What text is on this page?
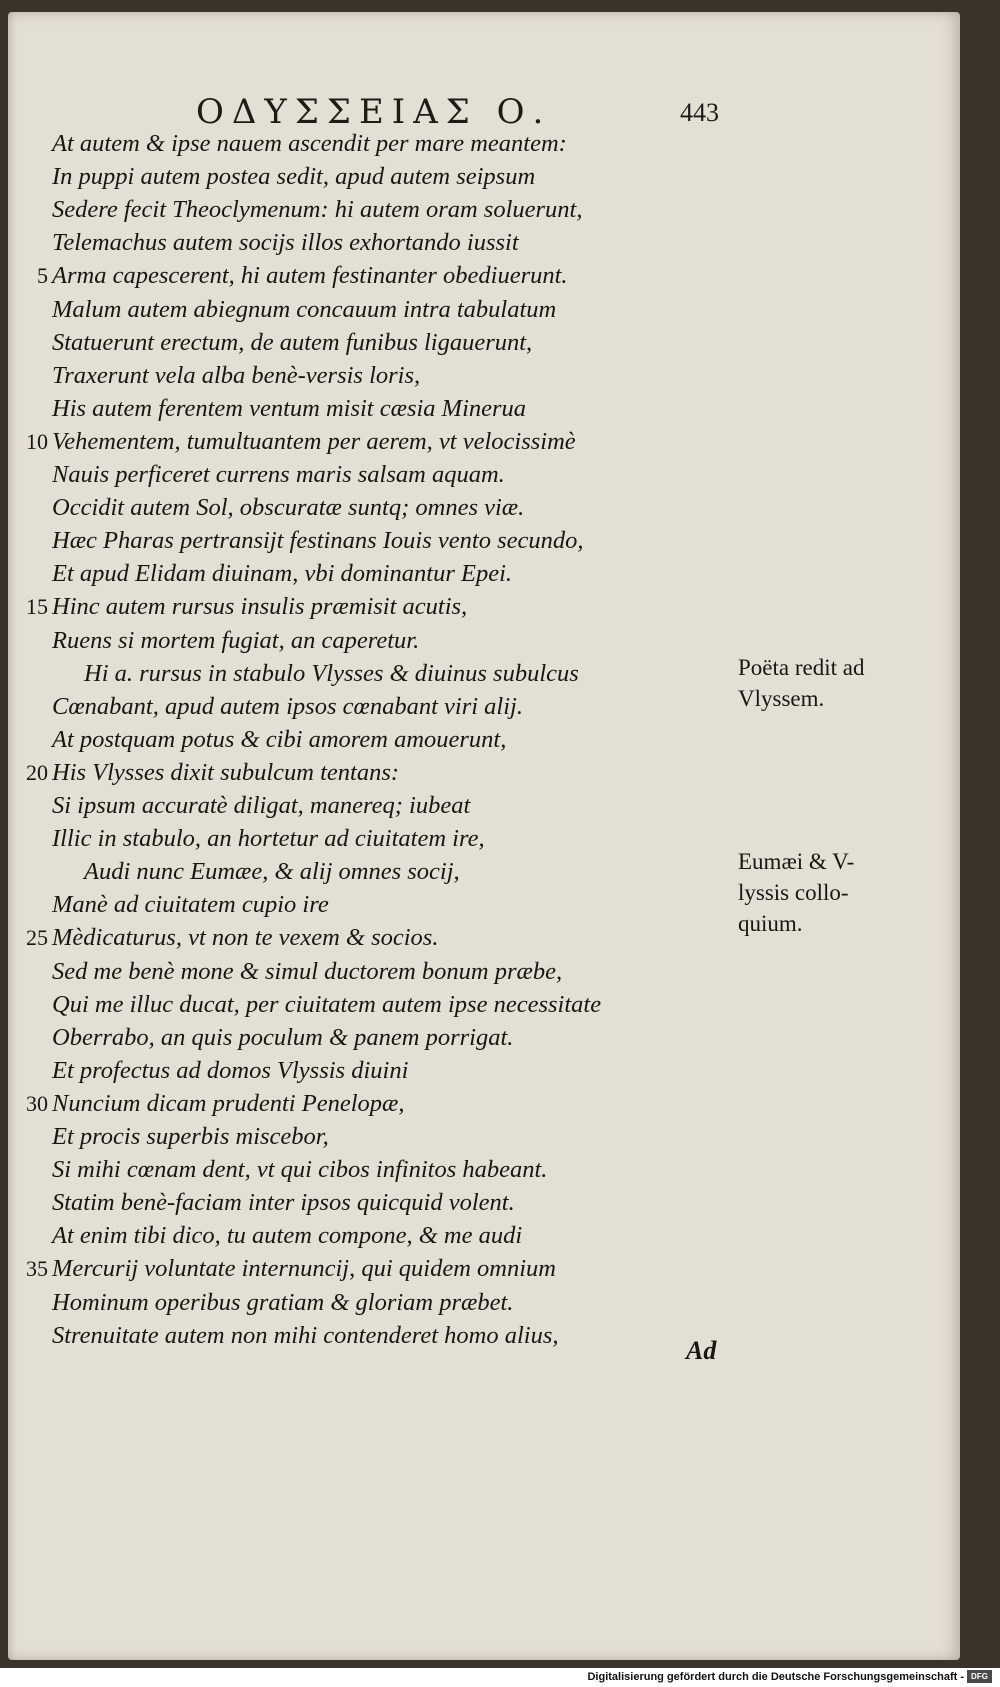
ΟΔΥΣΣΕΙΑΣ Ο.	443
At autem & ipse nauem ascendit per mare meantem:
In puppi autem postea sedit, apud autem seipsum
Sedere fecit Theoclymenum: hi autem oram soluerunt,
Telemachus autem socijs illos exhortando iussit
Arma capescerent, hi autem festinanter obediuerunt.
5
Malum autem abiegnum concauum intra tabulatum
Statuerunt erectum, de autem funibus ligauerunt,
Traxerunt vela alba benè-versis loris,
His autem ferentem ventum misit cæsia Minerua
Vehementem, tumultuantem per aerem, vt velocissimè
10
Nauis perficeret currens maris salsam aquam.
Occidit autem Sol, obscuratæ suntq; omnes viæ.
Hæc Pharas pertransijt festinans Iouis vento secundo,
Et apud Elidam diuinam, vbi dominantur Epei.
Hinc autem rursus insulis præmisit acutis,
15
Ruens si mortem fugiat, an caperetur.
Hi a. rursus in stabulo Vlysses & diuinus subulcus
Cœnabant, apud autem ipsos cœnabant viri alij.
At postquam potus & cibi amorem amouerunt,
His Vlysses dixit subulcum tentans:
20
Si ipsum accuratè diligat, manereq; iubeat
Illic in stabulo, an hortetur ad ciuitatem ire,
Audi nunc Eumæe, & alij omnes socij,
Manè ad ciuitatem cupio ire
Mèdicaturus, vt non te vexem & socios.
25
Sed me benè mone & simul ductorem bonum præbe,
Qui me illuc ducat, per ciuitatem autem ipse necessitate
Oberrabo, an quis poculum & panem porrigat.
Et profectus ad domos Vlyssis diuini
Nuncium dicam prudenti Penelopæ,
30
Et procis superbis miscebor,
Si mihi cœnam dent, vt qui cibos infinitos habeant.
Statim benè-faciam inter ipsos quicquid volent.
At enim tibi dico, tu autem compone, & me audi
Mercurij voluntate internuncij, qui quidem omnium
35
Hominum operibus gratiam & gloriam præbet.
Strenuitate autem non mihi contenderet homo alius,
Poëta redit ad
Vlyssem.
Eumæi & V-
lyssis collo-
quium.
Ad
Digitalisierung gefördert durch die Deutsche Forschungsgemeinschaft - DFG
